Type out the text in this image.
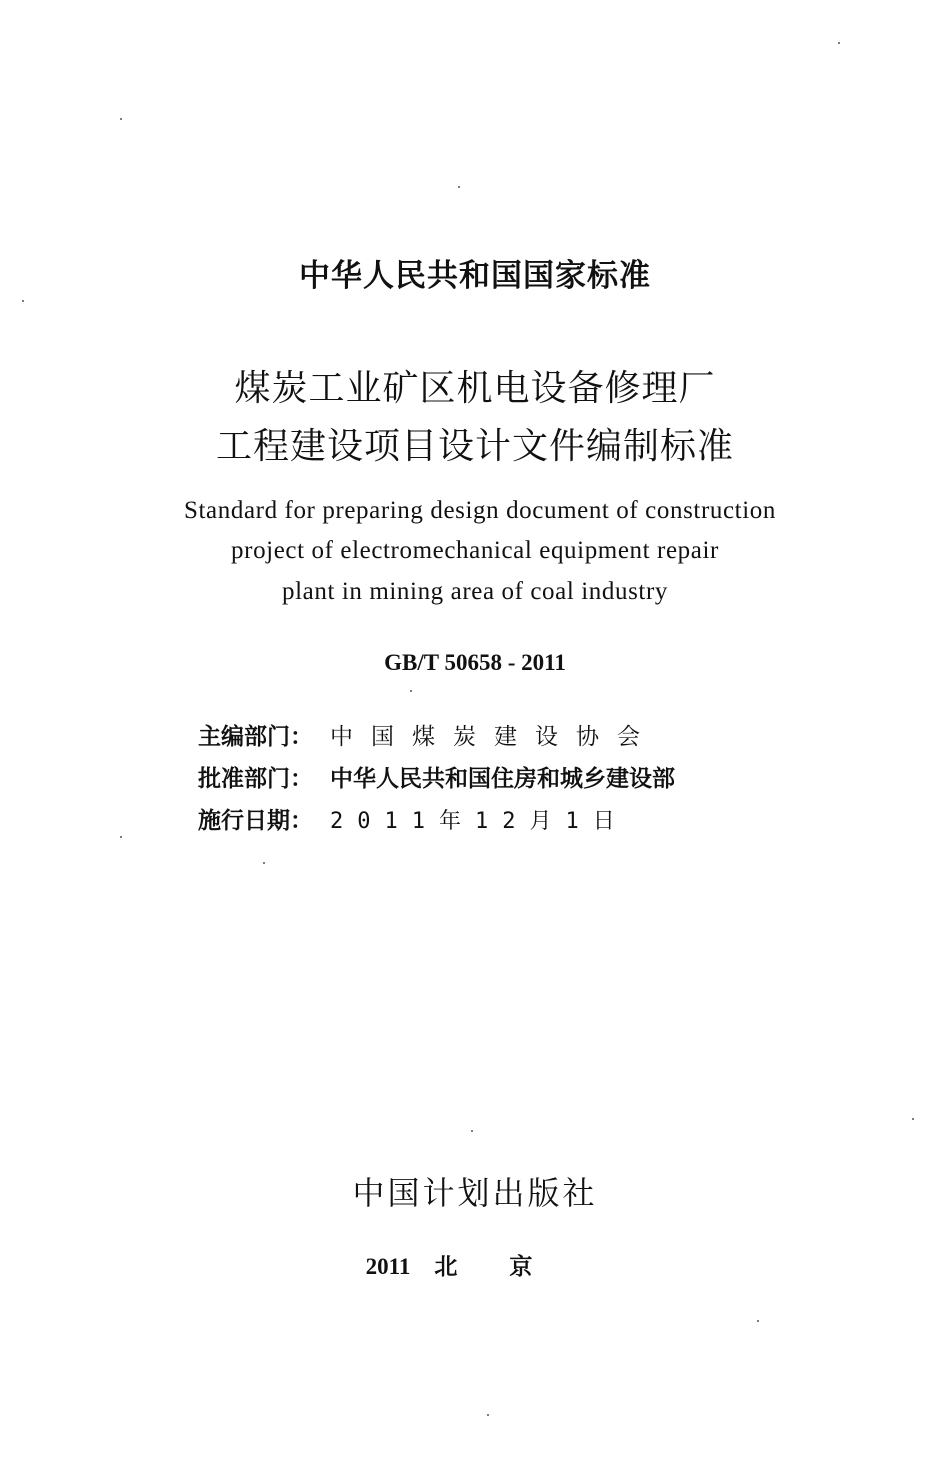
中华人民共和国国家标准
煤炭工业矿区机电设备修理厂
工程建设项目设计文件编制标准
Standard for preparing design document of construction
project of electromechanical equipment repair
plant in mining area of coal industry
GB/T 50658 - 2011
主编部门： 中国煤炭建设协会
批准部门： 中华人民共和国住房和城乡建设部
施行日期： 2011年12月1日
中国计划出版社
2011 北京
